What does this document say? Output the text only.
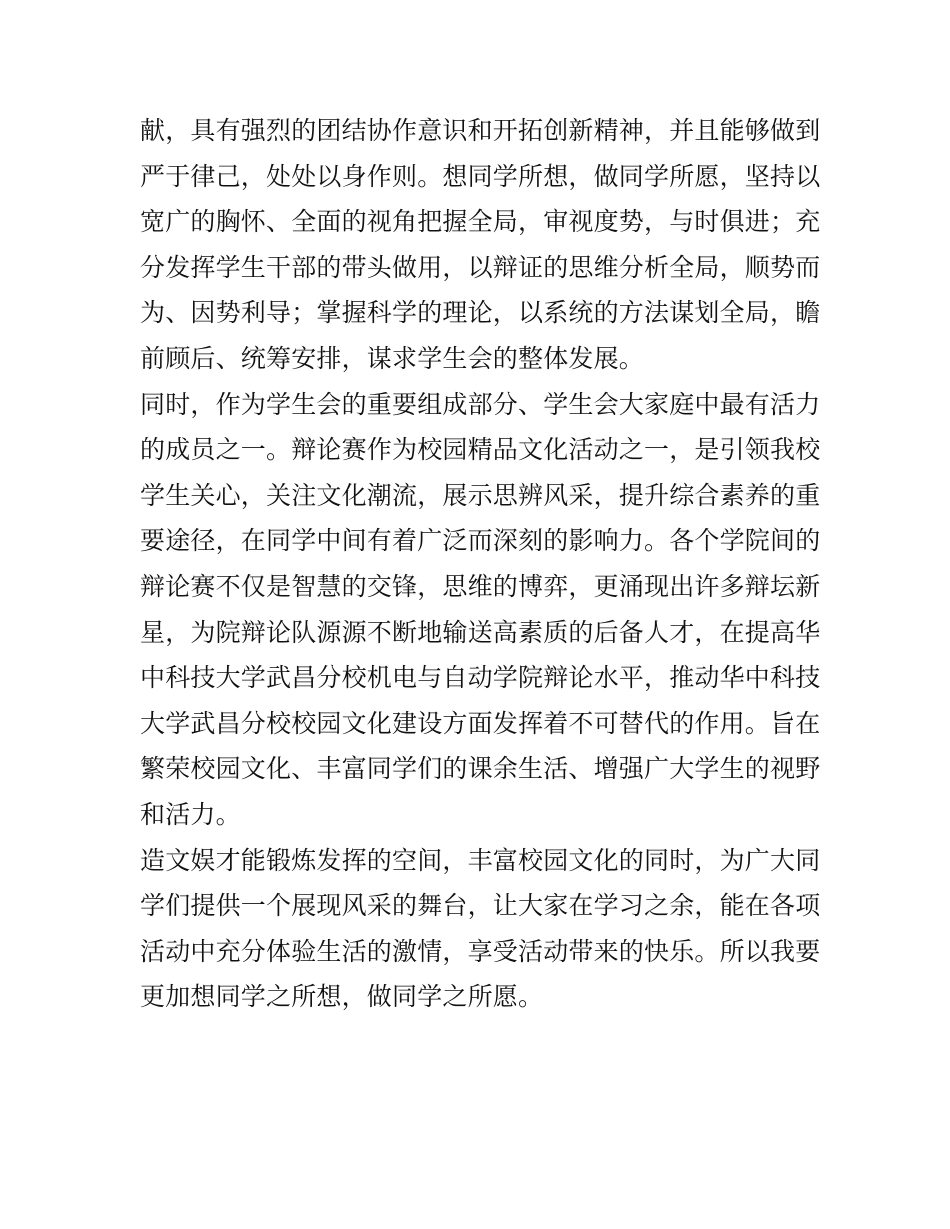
献，具有强烈的团结协作意识和开拓创新精神，并且能够做到
严于律己，处处以身作则。想同学所想，做同学所愿，坚持以
宽广的胸怀、全面的视角把握全局，审视度势，与时俱进；充
分发挥学生干部的带头做用，以辩证的思维分析全局，顺势而
为、因势利导；掌握科学的理论，以系统的方法谋划全局，瞻
前顾后、统筹安排，谋求学生会的整体发展。
同时，作为学生会的重要组成部分、学生会大家庭中最有活力
的成员之一。辩论赛作为校园精品文化活动之一，是引领我校
学生关心，关注文化潮流，展示思辨风采，提升综合素养的重
要途径，在同学中间有着广泛而深刻的影响力。各个学院间的
辩论赛不仅是智慧的交锋，思维的博弈，更涌现出许多辩坛新
星，为院辩论队源源不断地输送高素质的后备人才，在提高华
中科技大学武昌分校机电与自动学院辩论水平，推动华中科技
大学武昌分校校园文化建设方面发挥着不可替代的作用。旨在
繁荣校园文化、丰富同学们的课余生活、增强广大学生的视野
和活力。
造文娱才能锻炼发挥的空间，丰富校园文化的同时，为广大同
学们提供一个展现风采的舞台，让大家在学习之余，能在各项
活动中充分体验生活的激情，享受活动带来的快乐。所以我要
更加想同学之所想，做同学之所愿。
